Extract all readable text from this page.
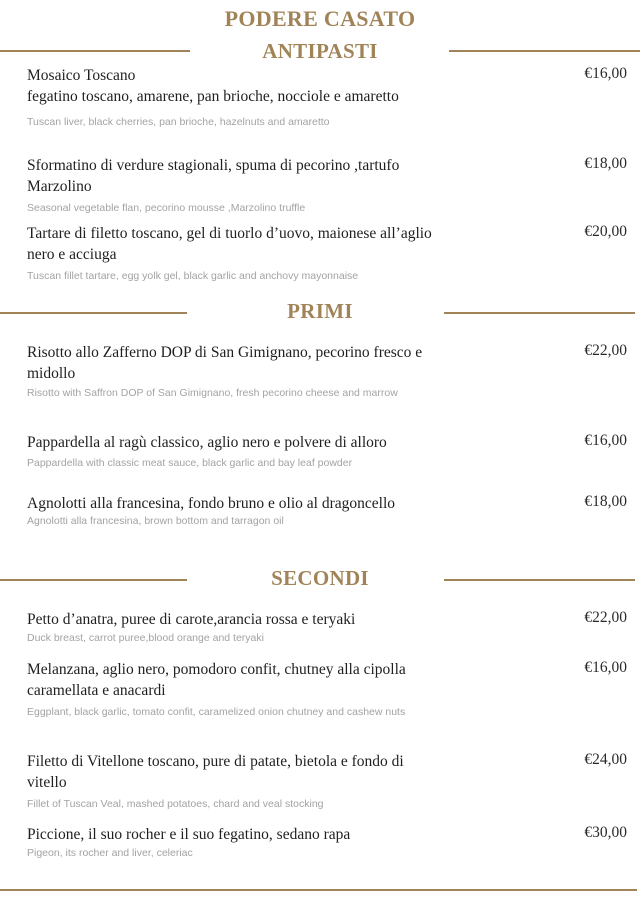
PODERE CASATO
ANTIPASTI
Mosaico Toscano
fegatino toscano, amarene, pan brioche, nocciole e amaretto
Tuscan liver, black cherries, pan brioche, hazelnuts and amaretto
€16,00
Sformatino di verdure stagionali, spuma di pecorino ,tartufo Marzolino
Seasonal vegetable flan, pecorino mousse ,Marzolino truffle
€18,00
Tartare di filetto toscano, gel di tuorlo d’uovo, maionese all’aglio nero e acciuga
Tuscan fillet tartare, egg yolk gel, black garlic and anchovy mayonnaise
€20,00
PRIMI
Risotto allo Zafferno DOP di San Gimignano, pecorino fresco e midollo
Risotto with Saffron DOP of San Gimignano, fresh pecorino cheese and marrow
€22,00
Pappardella al ragù classico, aglio nero e polvere di alloro
Pappardella with classic meat sauce, black garlic and bay leaf powder
€16,00
Agnolotti alla francesina, fondo bruno e olio al dragoncello
Agnolotti alla francesina, brown bottom and tarragon oil
€18,00
SECONDI
Petto d’anatra, puree di carote,arancia rossa e teryaki
Duck breast, carrot puree,blood orange and teryaki
€22,00
Melanzana, aglio nero, pomodoro confit, chutney alla cipolla caramellata e anacardi
Eggplant, black garlic, tomato confit, caramelized onion chutney and cashew nuts
€16,00
Filetto di Vitellone toscano, pure di patate, bietola e fondo di vitello
Fillet of Tuscan Veal, mashed potatoes, chard and veal stocking
€24,00
Piccione, il suo rocher e il suo fegatino, sedano rapa
Pigeon, its rocher and liver, celeriac
€30,00
